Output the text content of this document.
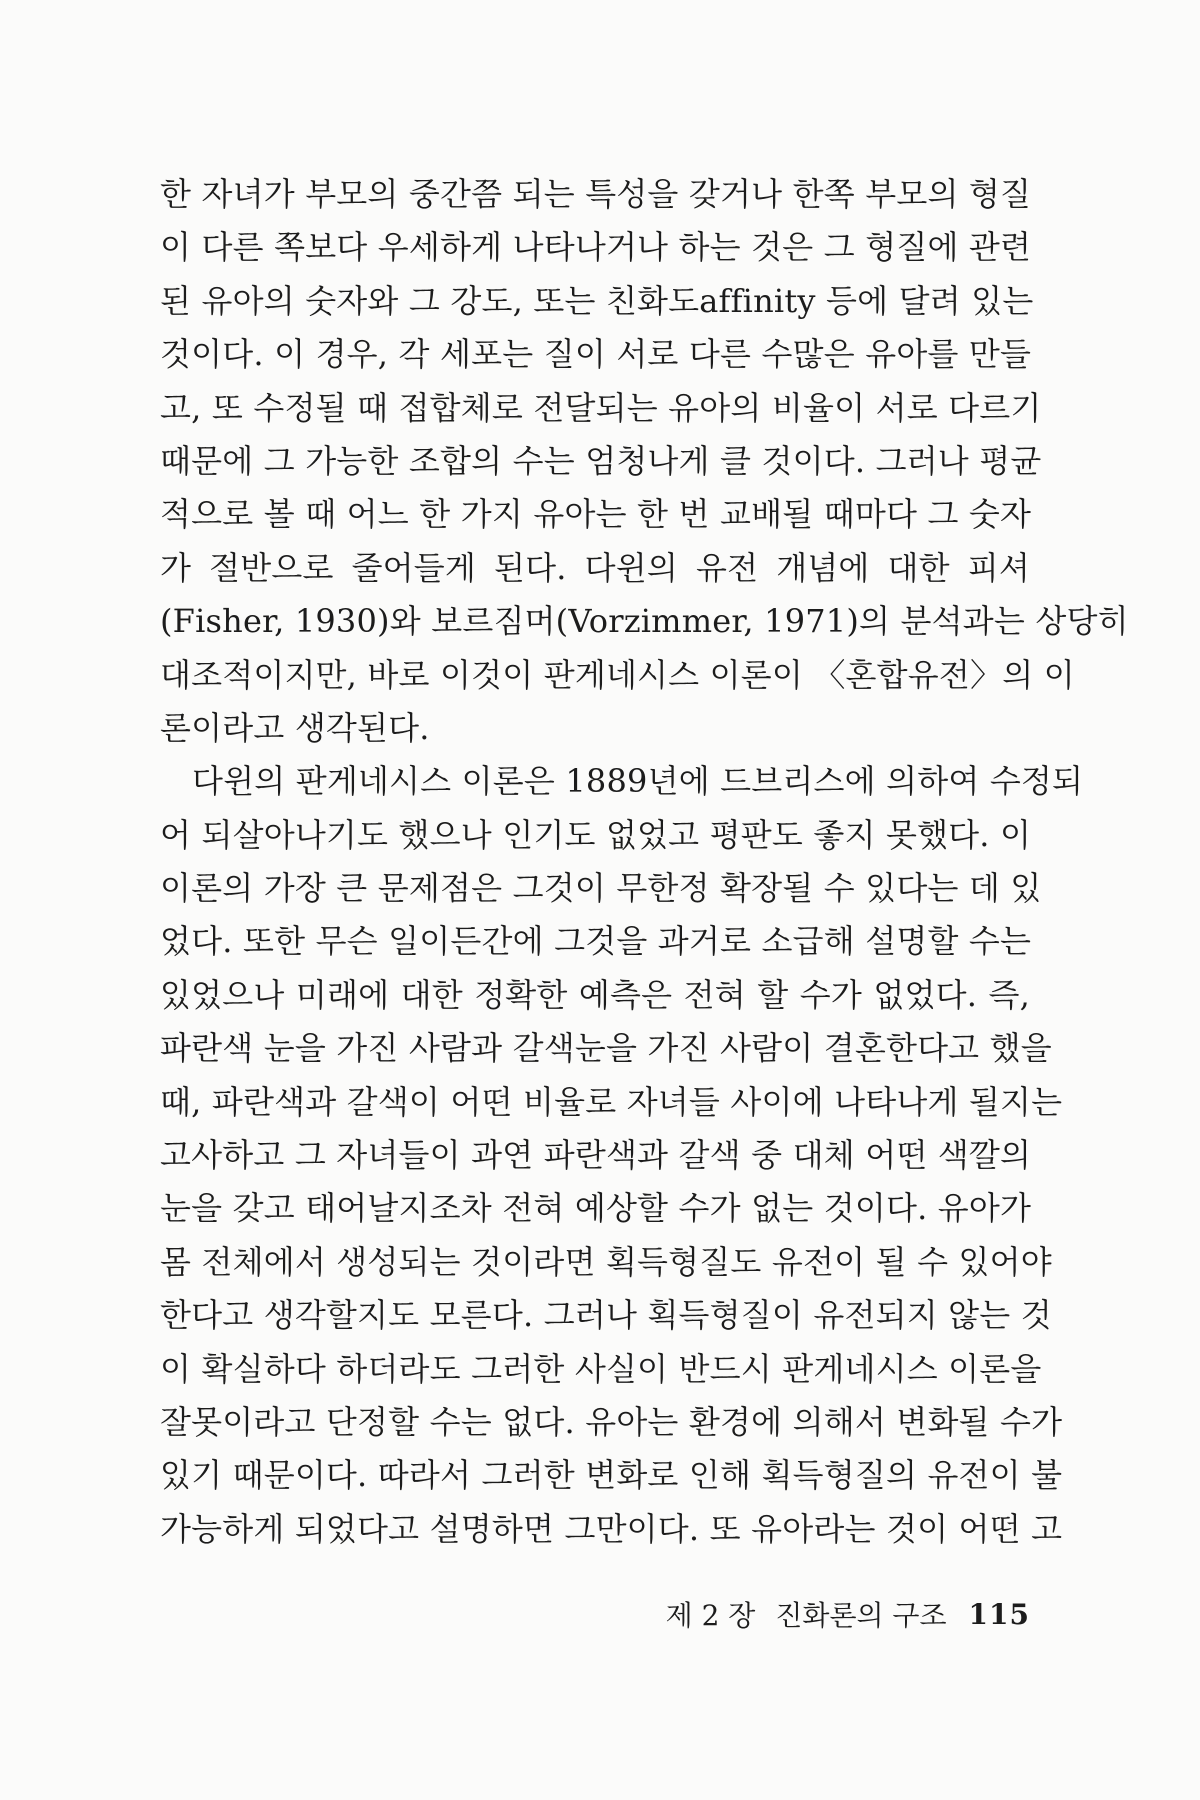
한 자녀가 부모의 중간쯤 되는 특성을 갖거나 한쪽 부모의 형질
이 다른 쪽보다 우세하게 나타나거나 하는 것은 그 형질에 관련
된 유아의 숫자와 그 강도, 또는 친화도affinity 등에 달려 있는
것이다. 이 경우, 각 세포는 질이 서로 다른 수많은 유아를 만들
고, 또 수정될 때 접합체로 전달되는 유아의 비율이 서로 다르기
때문에 그 가능한 조합의 수는 엄청나게 클 것이다. 그러나 평균
적으로 볼 때 어느 한 가지 유아는 한 번 교배될 때마다 그 숫자
가 절반으로 줄어들게 된다. 다윈의 유전 개념에 대한 피셔
(Fisher, 1930)와 보르짐머(Vorzimmer, 1971)의 분석과는 상당히
대조적이지만, 바로 이것이 판게네시스 이론이 〈혼합유전〉의 이
론이라고 생각된다.
다윈의 판게네시스 이론은 1889년에 드브리스에 의하여 수정되
어 되살아나기도 했으나 인기도 없었고 평판도 좋지 못했다. 이
이론의 가장 큰 문제점은 그것이 무한정 확장될 수 있다는 데 있
었다. 또한 무슨 일이든간에 그것을 과거로 소급해 설명할 수는
있었으나 미래에 대한 정확한 예측은 전혀 할 수가 없었다. 즉,
파란색 눈을 가진 사람과 갈색눈을 가진 사람이 결혼한다고 했을
때, 파란색과 갈색이 어떤 비율로 자녀들 사이에 나타나게 될지는
고사하고 그 자녀들이 과연 파란색과 갈색 중 대체 어떤 색깔의
눈을 갖고 태어날지조차 전혀 예상할 수가 없는 것이다. 유아가
몸 전체에서 생성되는 것이라면 획득형질도 유전이 될 수 있어야
한다고 생각할지도 모른다. 그러나 획득형질이 유전되지 않는 것
이 확실하다 하더라도 그러한 사실이 반드시 판게네시스 이론을
잘못이라고 단정할 수는 없다. 유아는 환경에 의해서 변화될 수가
있기 때문이다. 따라서 그러한 변화로 인해 획득형질의 유전이 불
가능하게 되었다고 설명하면 그만이다. 또 유아라는 것이 어떤 고
제 2 장 진화론의 구조 115
